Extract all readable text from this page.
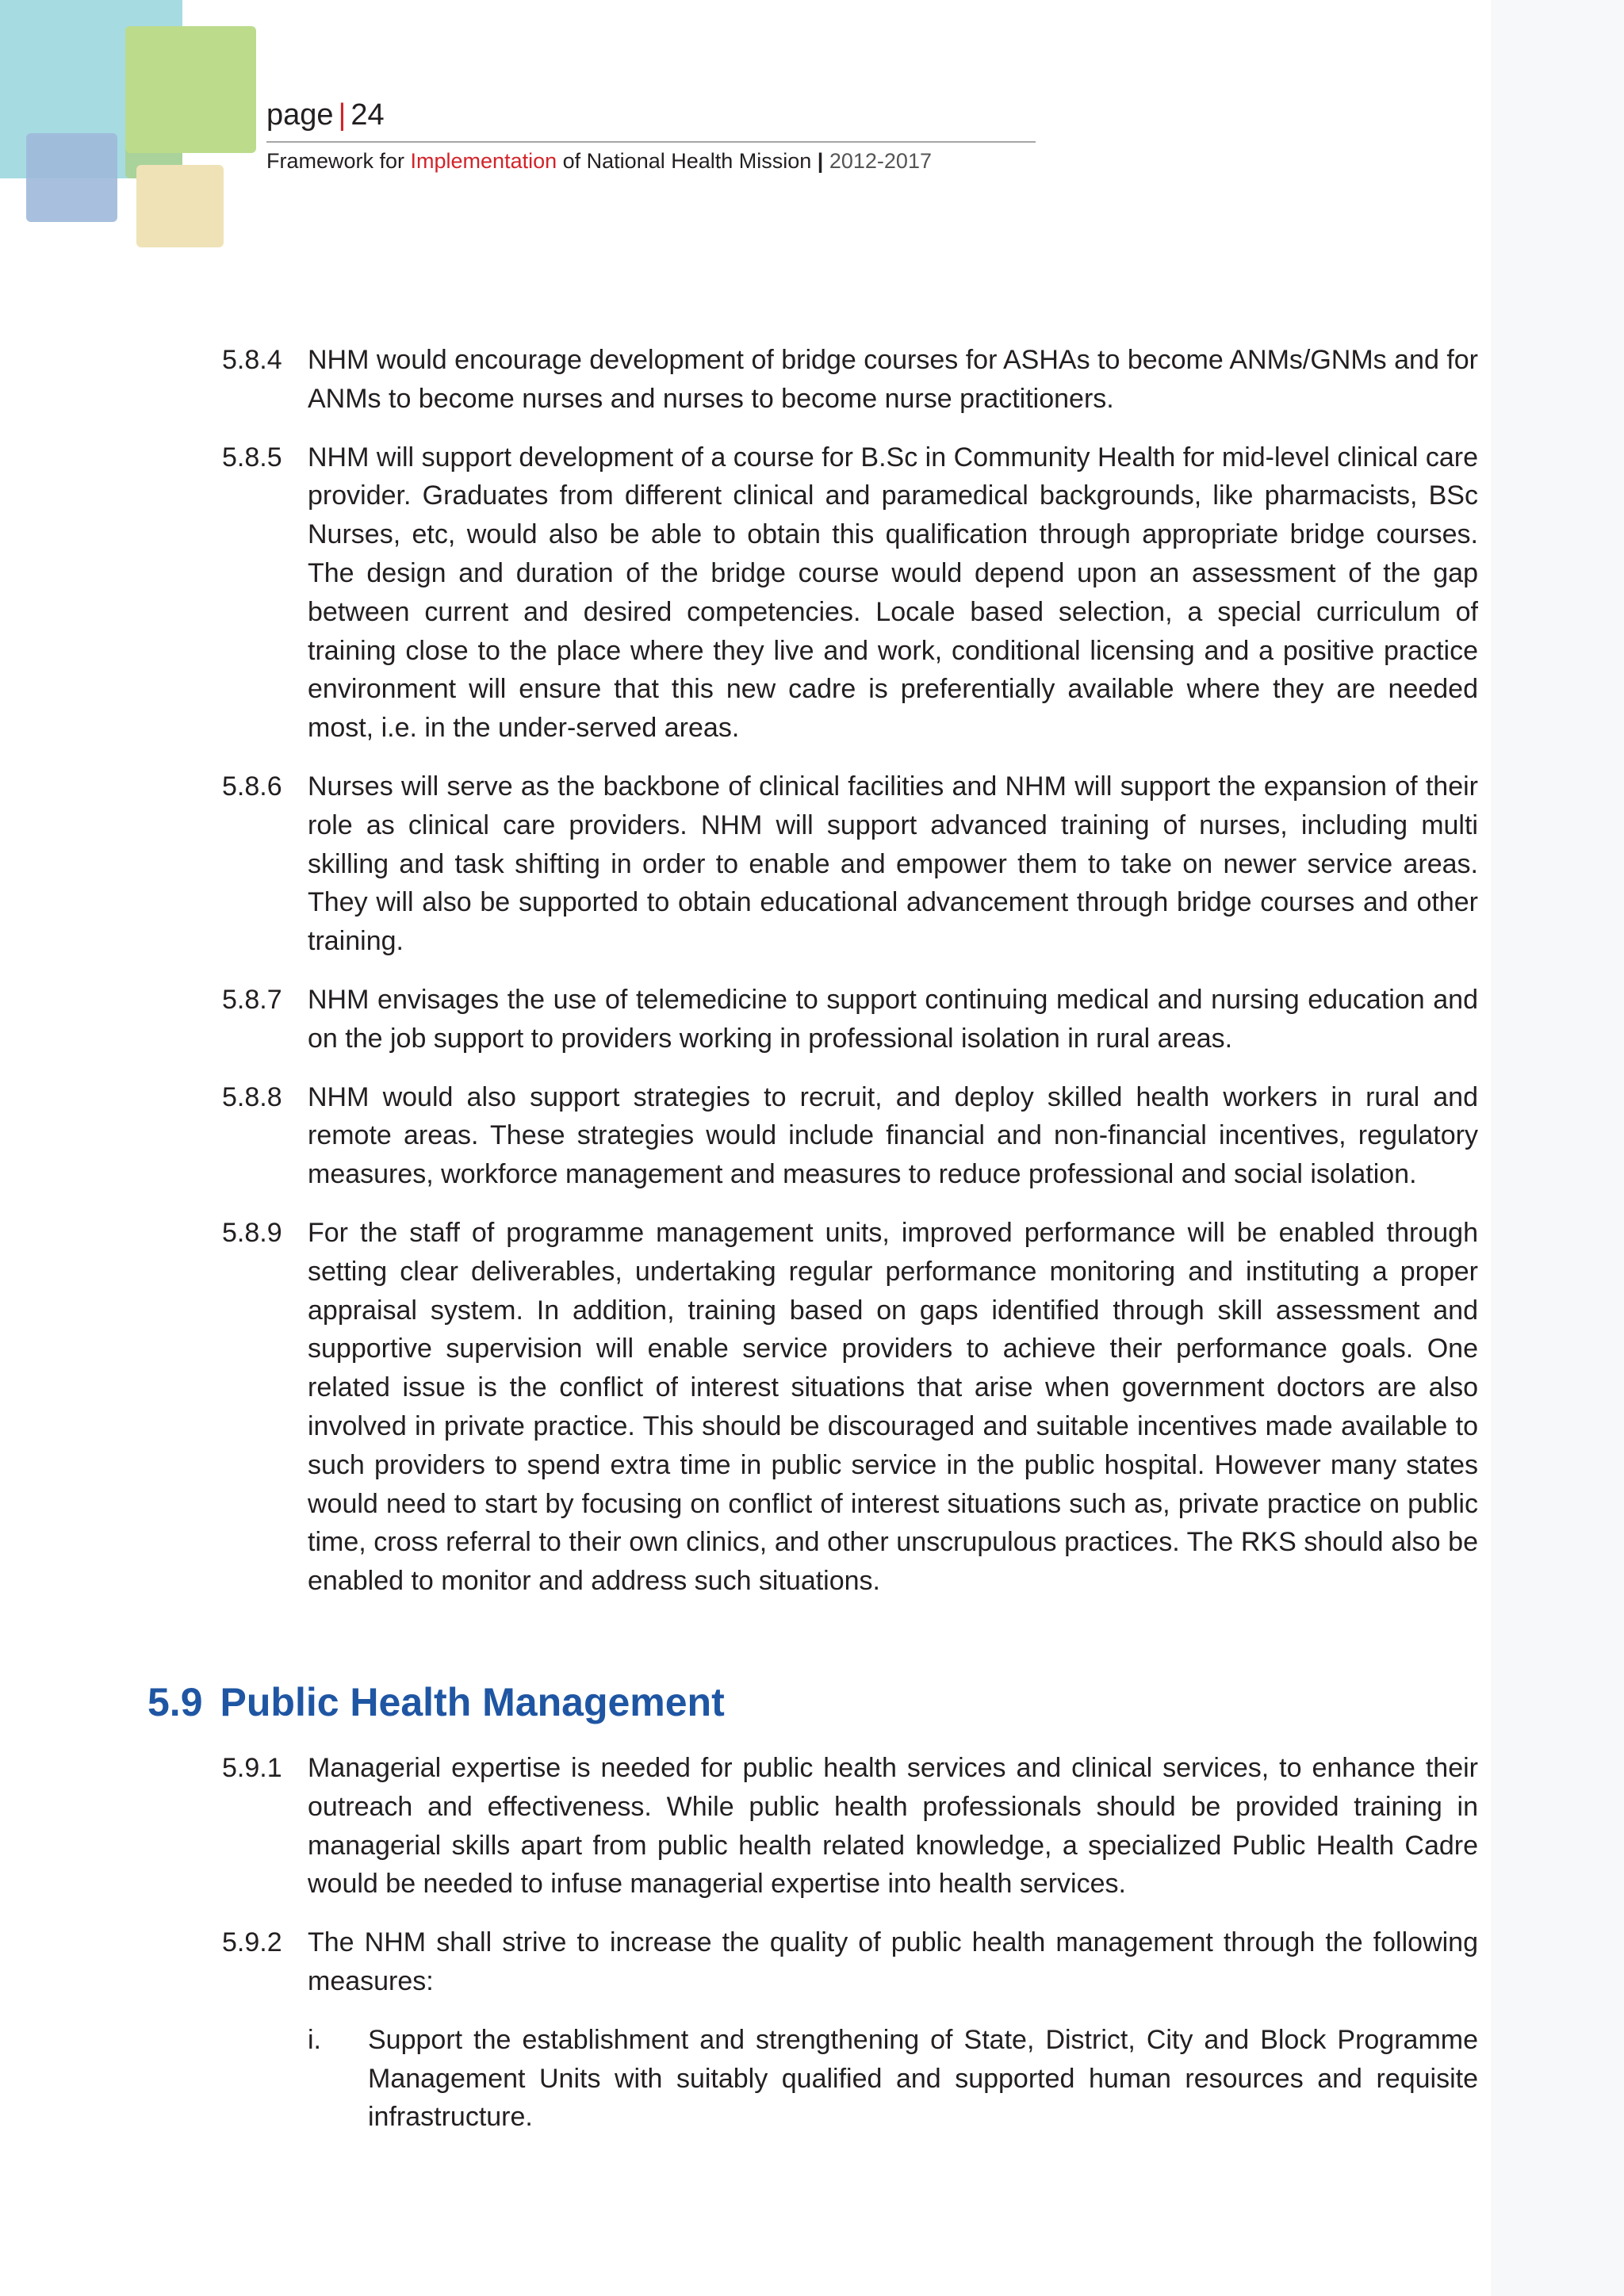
page | 24
Framework for Implementation of National Health Mission | 2012-2017
5.8.4 NHM would encourage development of bridge courses for ASHAs to become ANMs/GNMs and for ANMs to become nurses and nurses to become nurse practitioners.
5.8.5 NHM will support development of a course for B.Sc in Community Health for mid-level clinical care provider. Graduates from different clinical and paramedical backgrounds, like pharmacists, BSc Nurses, etc, would also be able to obtain this qualification through appropriate bridge courses. The design and duration of the bridge course would depend upon an assessment of the gap between current and desired competencies. Locale based selection, a special curriculum of training close to the place where they live and work, conditional licensing and a positive practice environment will ensure that this new cadre is preferentially available where they are needed most, i.e. in the under-served areas.
5.8.6 Nurses will serve as the backbone of clinical facilities and NHM will support the expansion of their role as clinical care providers. NHM will support advanced training of nurses, including multi skilling and task shifting in order to enable and empower them to take on newer service areas. They will also be supported to obtain educational advancement through bridge courses and other training.
5.8.7 NHM envisages the use of telemedicine to support continuing medical and nursing education and on the job support to providers working in professional isolation in rural areas.
5.8.8 NHM would also support strategies to recruit, and deploy skilled health workers in rural and remote areas. These strategies would include financial and non-financial incentives, regulatory measures, workforce management and measures to reduce professional and social isolation.
5.8.9 For the staff of programme management units, improved performance will be enabled through setting clear deliverables, undertaking regular performance monitoring and instituting a proper appraisal system. In addition, training based on gaps identified through skill assessment and supportive supervision will enable service providers to achieve their performance goals. One related issue is the conflict of interest situations that arise when government doctors are also involved in private practice. This should be discouraged and suitable incentives made available to such providers to spend extra time in public service in the public hospital. However many states would need to start by focusing on conflict of interest situations such as, private practice on public time, cross referral to their own clinics, and other unscrupulous practices. The RKS should also be enabled to monitor and address such situations.
5.9 Public Health Management
5.9.1 Managerial expertise is needed for public health services and clinical services, to enhance their outreach and effectiveness. While public health professionals should be provided training in managerial skills apart from public health related knowledge, a specialized Public Health Cadre would be needed to infuse managerial expertise into health services.
5.9.2 The NHM shall strive to increase the quality of public health management through the following measures:
i.	Support the establishment and strengthening of State, District, City and Block Programme Management Units with suitably qualified and supported human resources and requisite infrastructure.
